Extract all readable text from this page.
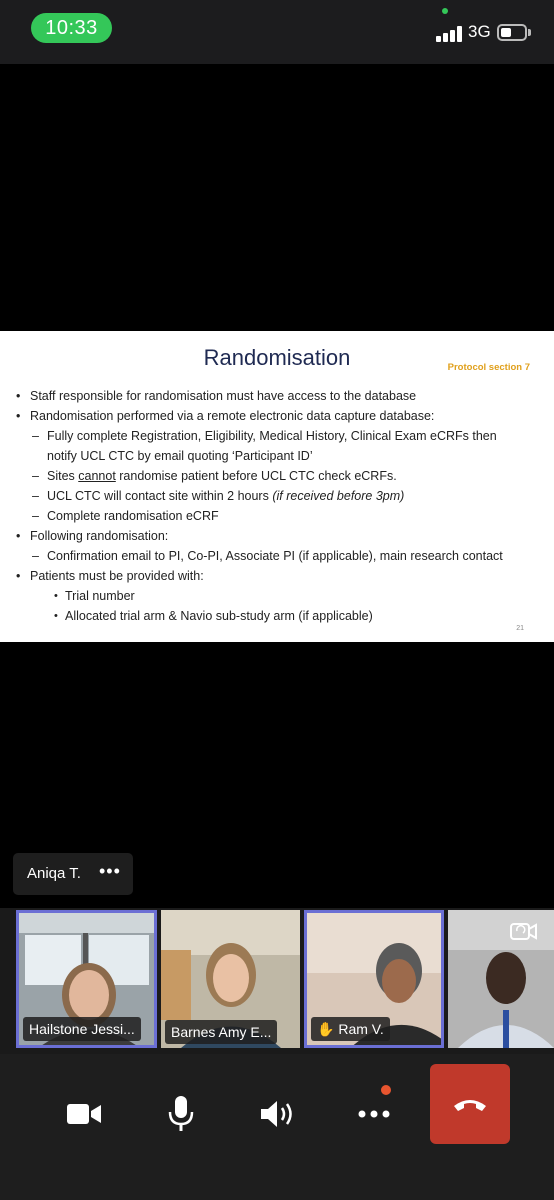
10:33	3G
Randomisation	Protocol section 7
• Staff responsible for randomisation must have access to the database
• Randomisation performed via a remote electronic data capture database:
– Fully complete Registration, Eligibility, Medical History, Clinical Exam eCRFs then
notify UCL CTC by email quoting ‘Participant ID’
– Sites cannot randomise patient before UCL CTC check eCRFs.
– UCL CTC will contact site within 2 hours (if received before 3pm)
– Complete randomisation eCRF
• Following randomisation:
– Confirmation email to PI, Co-PI, Associate PI (if applicable), main research contact
• Patients must be provided with:
• Trial number
• Allocated trial arm & Navio sub-study arm (if applicable)
21
Aniqa T. •••
Hailstone Jessi...	Barnes Amy E...	✋ Ram V.
